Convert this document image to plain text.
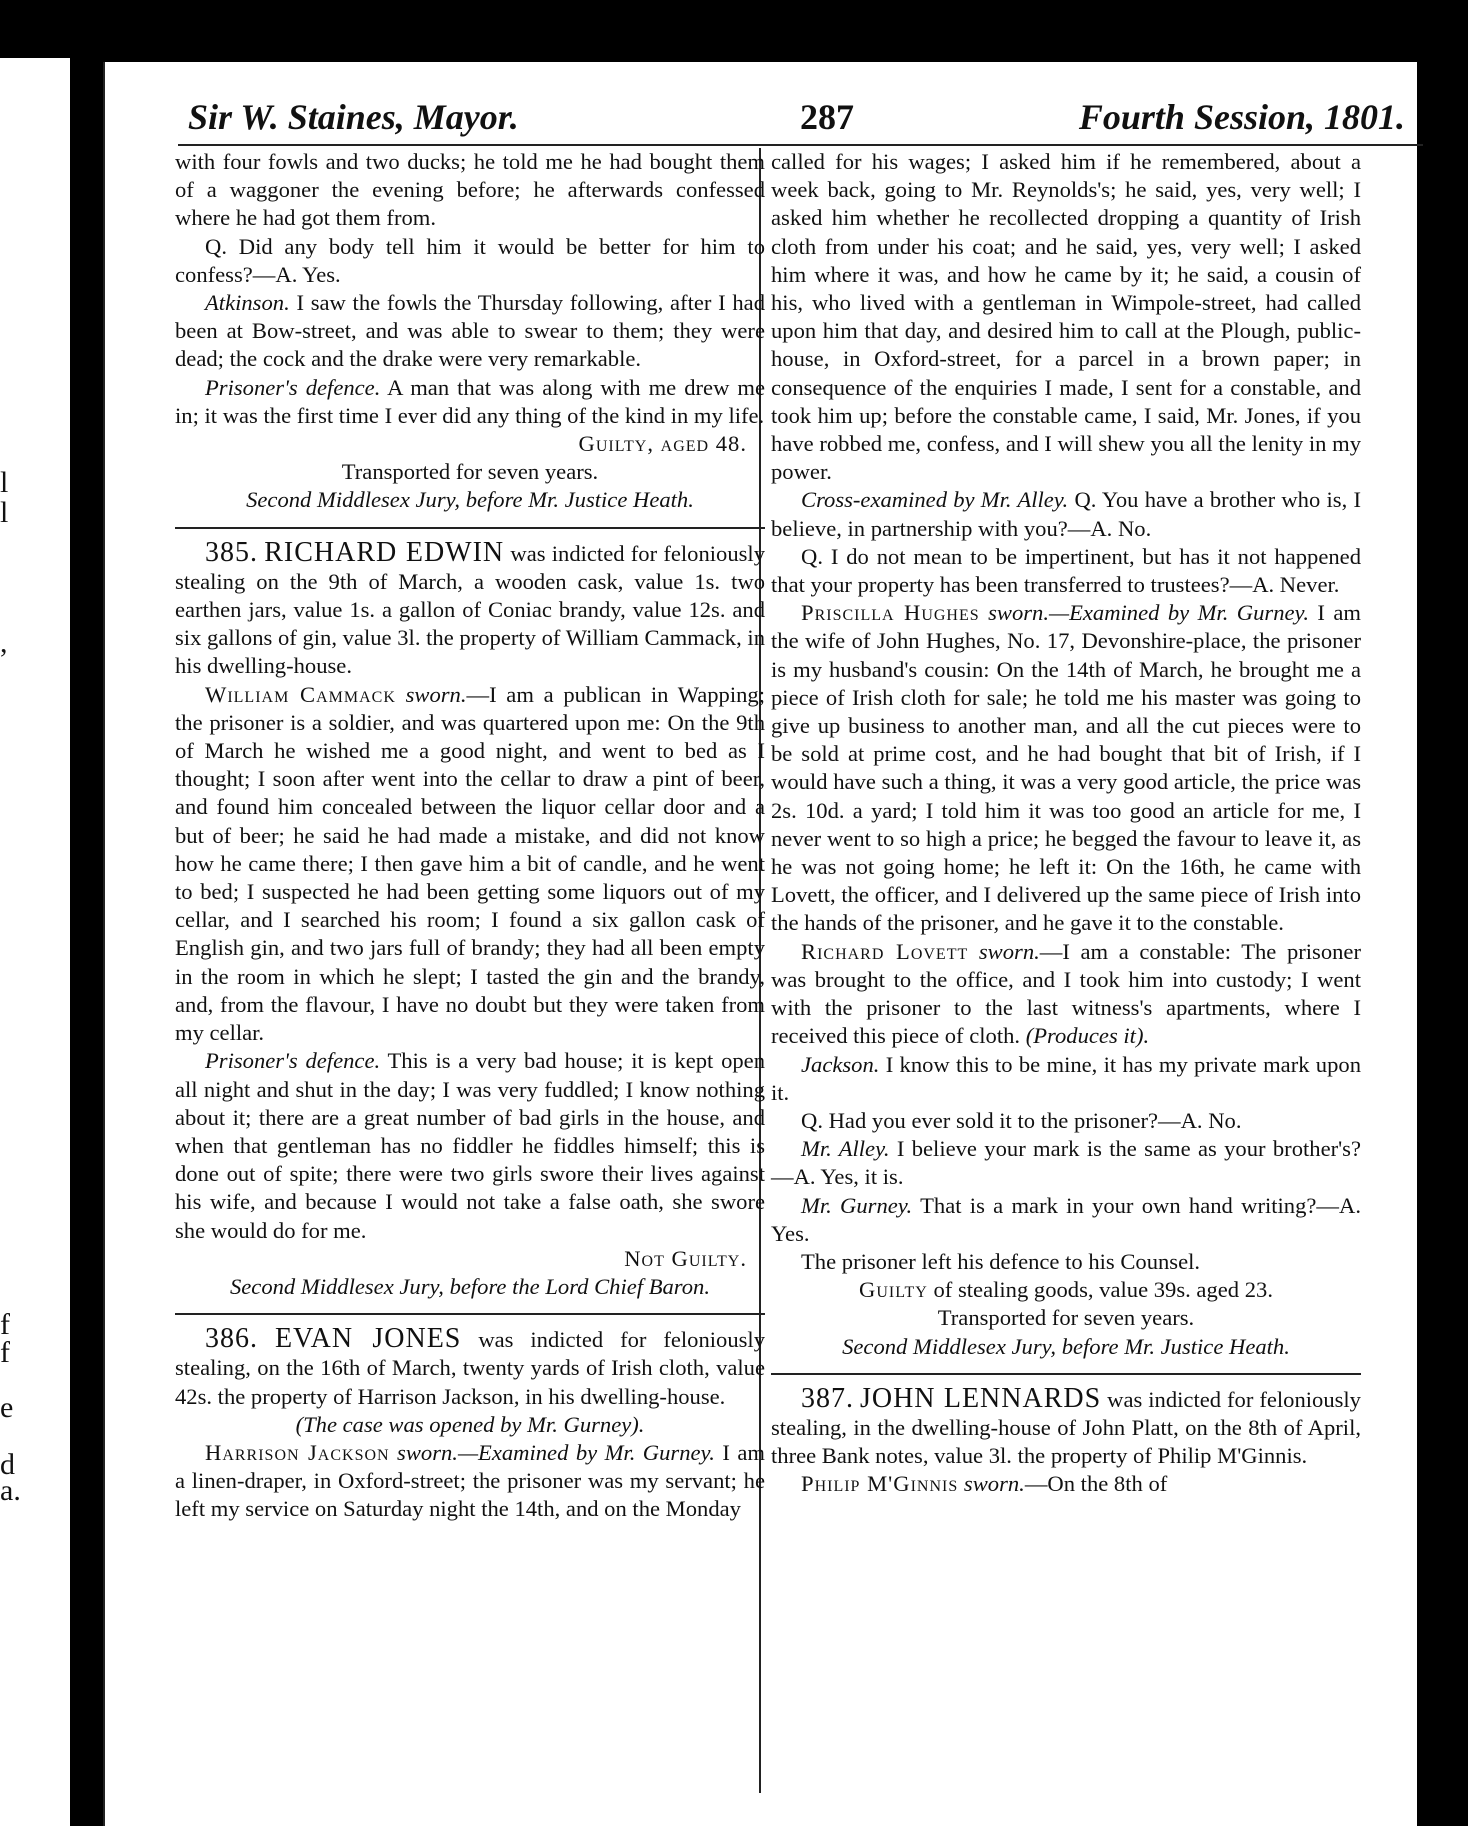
l
l
,
f
f
e
d
a.
Sir W. Staines, Mayor.	287	Fourth Session, 1801.

with four fowls and two ducks; he told me he had bought them of a waggoner the evening before; he afterwards confessed where he had got them from.

Q. Did any body tell him it would be better for him to confess?—A. Yes.

Atkinson. I saw the fowls the Thursday following, after I had been at Bow-street, and was able to swear to them; they were dead; the cock and the drake were very remarkable.

Prisoner's defence. A man that was along with me drew me in; it was the first time I ever did any thing of the kind in my life.

Guilty, aged 48.

Transported for seven years.

Second Middlesex Jury, before Mr. Justice Heath.

385. RICHARD EDWIN was indicted for feloniously stealing on the 9th of March, a wooden cask, value 1s. two earthen jars, value 1s. a gallon of Coniac brandy, value 12s. and six gallons of gin, value 3l. the property of William Cammack, in his dwelling-house.

William Cammack sworn.—I am a publican in Wapping; the prisoner is a soldier, and was quartered upon me: On the 9th of March he wished me a good night, and went to bed as I thought; I soon after went into the cellar to draw a pint of beer, and found him concealed between the liquor cellar door and a but of beer; he said he had made a mistake, and did not know how he came there; I then gave him a bit of candle, and he went to bed; I suspected he had been getting some liquors out of my cellar, and I searched his room; I found a six gallon cask of English gin, and two jars full of brandy; they had all been empty in the room in which he slept; I tasted the gin and the brandy, and, from the flavour, I have no doubt but they were taken from my cellar.

Prisoner's defence. This is a very bad house; it is kept open all night and shut in the day; I was very fuddled; I know nothing about it; there are a great number of bad girls in the house, and when that gentleman has no fiddler he fiddles himself; this is done out of spite; there were two girls swore their lives against his wife, and because I would not take a false oath, she swore she would do for me.

Not Guilty.

Second Middlesex Jury, before the Lord Chief Baron.

386. EVAN JONES was indicted for feloniously stealing, on the 16th of March, twenty yards of Irish cloth, value 42s. the property of Harrison Jackson, in his dwelling-house.

(The case was opened by Mr. Gurney).

Harrison Jackson sworn.—Examined by Mr. Gurney. I am a linen-draper, in Oxford-street; the prisoner was my servant; he left my service on Saturday night the 14th, and on the Monday

called for his wages; I asked him if he remembered, about a week back, going to Mr. Reynolds's; he said, yes, very well; I asked him whether he recollected dropping a quantity of Irish cloth from under his coat; and he said, yes, very well; I asked him where it was, and how he came by it; he said, a cousin of his, who lived with a gentleman in Wimpole-street, had called upon him that day, and desired him to call at the Plough, public-house, in Oxford-street, for a parcel in a brown paper; in consequence of the enquiries I made, I sent for a constable, and took him up; before the constable came, I said, Mr. Jones, if you have robbed me, confess, and I will shew you all the lenity in my power.

Cross-examined by Mr. Alley. Q. You have a brother who is, I believe, in partnership with you?—A. No.

Q. I do not mean to be impertinent, but has it not happened that your property has been transferred to trustees?—A. Never.

Priscilla Hughes sworn.—Examined by Mr. Gurney. I am the wife of John Hughes, No. 17, Devonshire-place, the prisoner is my husband's cousin: On the 14th of March, he brought me a piece of Irish cloth for sale; he told me his master was going to give up business to another man, and all the cut pieces were to be sold at prime cost, and he had bought that bit of Irish, if I would have such a thing, it was a very good article, the price was 2s. 10d. a yard; I told him it was too good an article for me, I never went to so high a price; he begged the favour to leave it, as he was not going home; he left it: On the 16th, he came with Lovett, the officer, and I delivered up the same piece of Irish into the hands of the prisoner, and he gave it to the constable.

Richard Lovett sworn.—I am a constable: The prisoner was brought to the office, and I took him into custody; I went with the prisoner to the last witness's apartments, where I received this piece of cloth. (Produces it).

Jackson. I know this to be mine, it has my private mark upon it.

Q. Had you ever sold it to the prisoner?—A. No.

Mr. Alley. I believe your mark is the same as your brother's?—A. Yes, it is.

Mr. Gurney. That is a mark in your own hand writing?—A. Yes.

The prisoner left his defence to his Counsel.

Guilty of stealing goods, value 39s. aged 23.

Transported for seven years.

Second Middlesex Jury, before Mr. Justice Heath.

387. JOHN LENNARDS was indicted for feloniously stealing, in the dwelling-house of John Platt, on the 8th of April, three Bank notes, value 3l. the property of Philip M'Ginnis.

Philip M'Ginnis sworn.—On the 8th of
